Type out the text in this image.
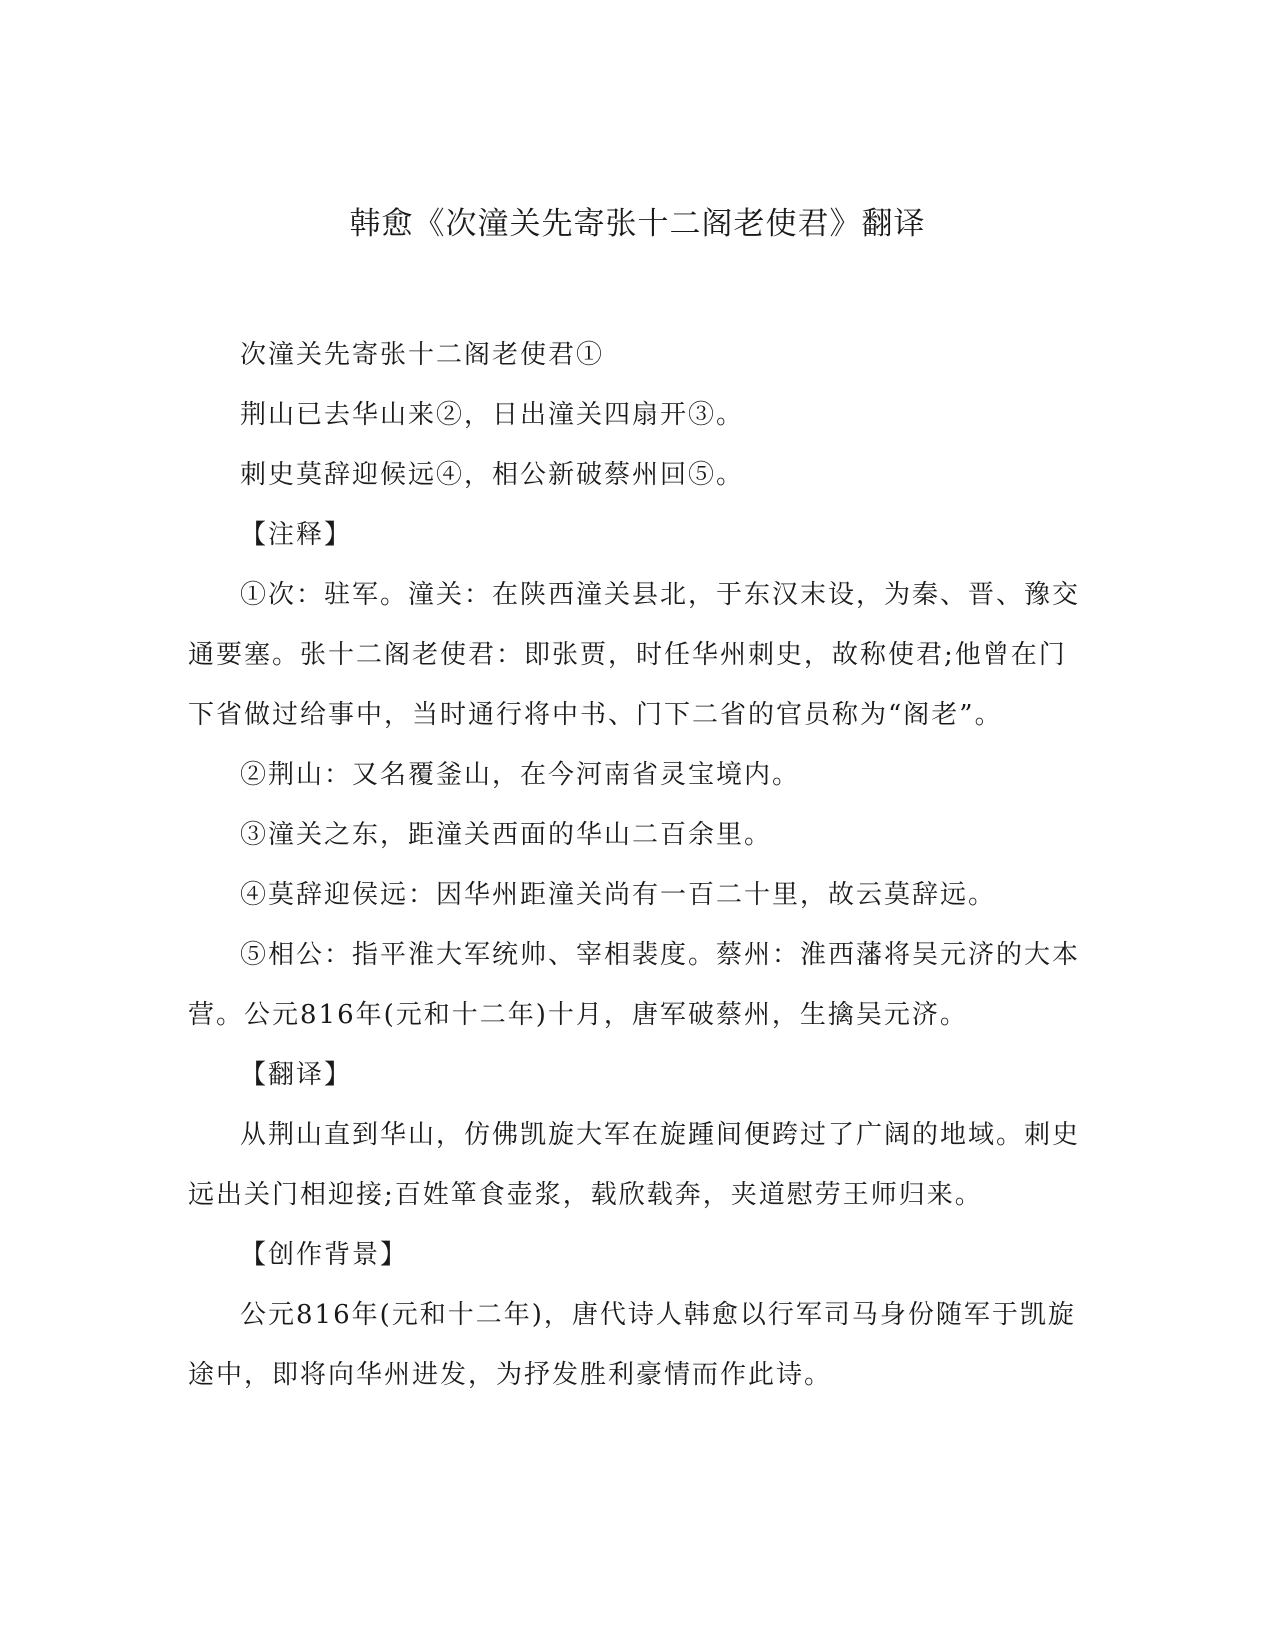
韩愈《次潼关先寄张十二阁老使君》翻译

次潼关先寄张十二阁老使君①

荆山已去华山来②，日出潼关四扇开③。

刺史莫辞迎候远④，相公新破蔡州回⑤。

【注释】

①次：驻军。潼关：在陕西潼关县北，于东汉末设，为秦、晋、豫交通要塞。张十二阁老使君：即张贾，时任华州刺史，故称使君;他曾在门下省做过给事中，当时通行将中书、门下二省的官员称为“阁老”。

②荆山：又名覆釜山，在今河南省灵宝境内。

③潼关之东，距潼关西面的华山二百余里。

④莫辞迎侯远：因华州距潼关尚有一百二十里，故云莫辞远。

⑤相公：指平淮大军统帅、宰相裴度。蔡州：淮西藩将吴元济的大本营。公元816年(元和十二年)十月，唐军破蔡州，生擒吴元济。

【翻译】

从荆山直到华山，仿佛凯旋大军在旋踵间便跨过了广阔的地域。刺史远出关门相迎接;百姓箪食壶浆，载欣载奔，夹道慰劳王师归来。

【创作背景】

公元816年(元和十二年)，唐代诗人韩愈以行军司马身份随军于凯旋途中，即将向华州进发，为抒发胜利豪情而作此诗。
